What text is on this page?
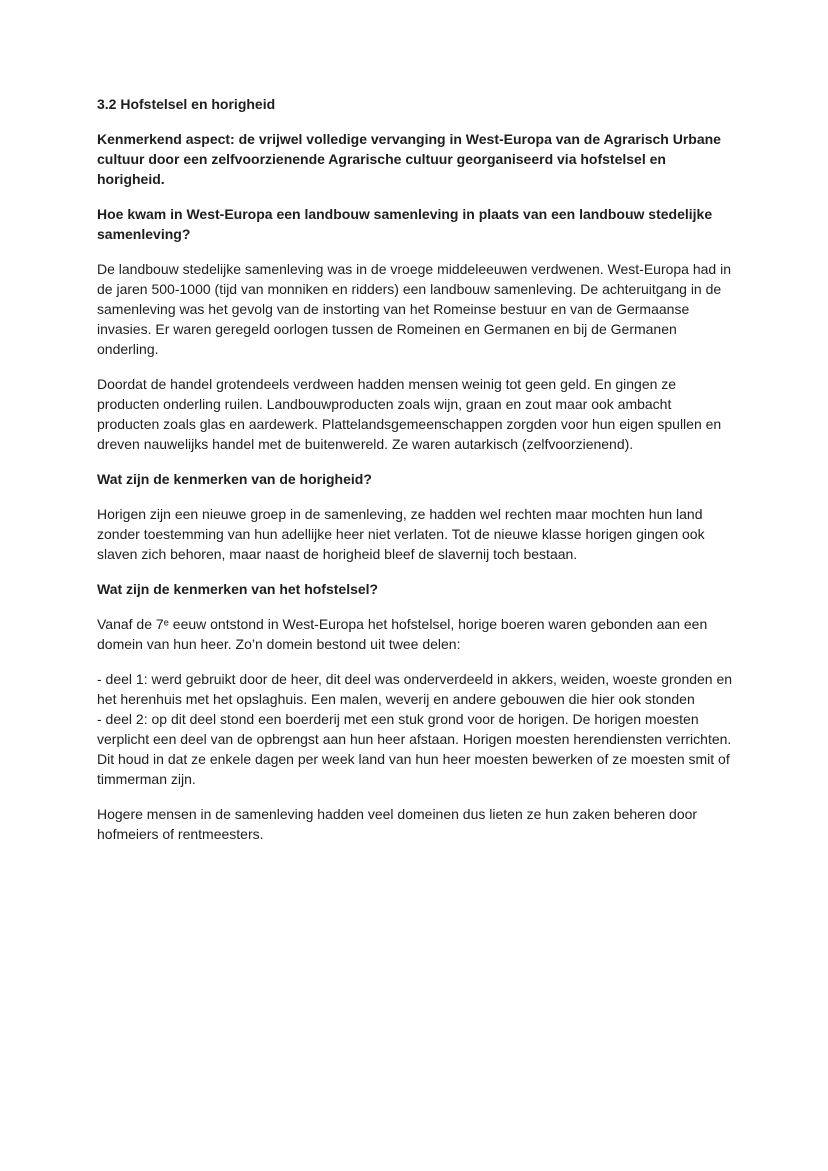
3.2 Hofstelsel en horigheid

Kenmerkend aspect: de vrijwel volledige vervanging in West-Europa van de Agrarisch Urbane cultuur door een zelfvoorzienende Agrarische cultuur georganiseerd via hofstelsel en horigheid.

Hoe kwam in West-Europa een landbouw samenleving in plaats van een landbouw stedelijke samenleving?

De landbouw stedelijke samenleving was in de vroege middeleeuwen verdwenen. West-Europa had in de jaren 500-1000 (tijd van monniken en ridders) een landbouw samenleving. De achteruitgang in de samenleving was het gevolg van de instorting van het Romeinse bestuur en van de Germaanse invasies. Er waren geregeld oorlogen tussen de Romeinen en Germanen en bij de Germanen onderling.

Doordat de handel grotendeels verdween hadden mensen weinig tot geen geld. En gingen ze producten onderling ruilen. Landbouwproducten zoals wijn, graan en zout maar ook ambacht producten zoals glas en aardewerk. Plattelandsgemeenschappen zorgden voor hun eigen spullen en dreven nauwelijks handel met de buitenwereld. Ze waren autarkisch (zelfvoorzienend).

Wat zijn de kenmerken van de horigheid?

Horigen zijn een nieuwe groep in de samenleving, ze hadden wel rechten maar mochten hun land zonder toestemming van hun adellijke heer niet verlaten. Tot de nieuwe klasse horigen gingen ook slaven zich behoren, maar naast de horigheid bleef de slavernij toch bestaan.

Wat zijn de kenmerken van het hofstelsel?

Vanaf de 7ᵉ eeuw ontstond in West-Europa het hofstelsel, horige boeren waren gebonden aan een domein van hun heer. Zo’n domein bestond uit twee delen:

- deel 1: werd gebruikt door de heer, dit deel was onderverdeeld in akkers, weiden, woeste gronden en het herenhuis met het opslaghuis. Een malen, weverij en andere gebouwen die hier ook stonden
- deel 2: op dit deel stond een boerderij met een stuk grond voor de horigen. De horigen moesten verplicht een deel van de opbrengst aan hun heer afstaan. Horigen moesten herendiensten verrichten. Dit houd in dat ze enkele dagen per week land van hun heer moesten bewerken of ze moesten smit of timmerman zijn.

Hogere mensen in de samenleving hadden veel domeinen dus lieten ze hun zaken beheren door hofmeiers of rentmeesters.
